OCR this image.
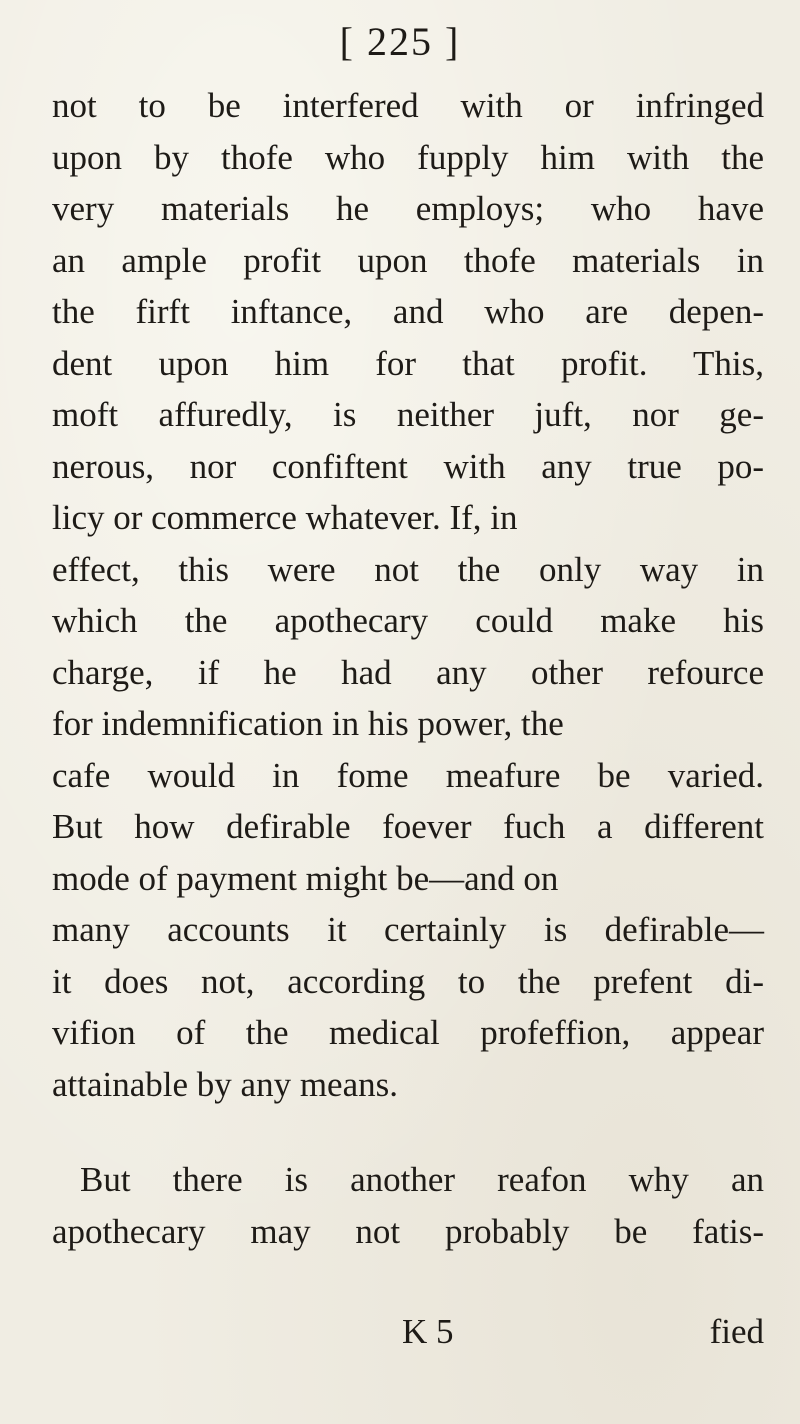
[ 225 ]
not to be interfered with or infringed
upon by thofe who fupply him with the
very materials he employs; who have
an ample profit upon thofe materials in
the firft inftance, and who are depen-
dent upon him for that profit. This,
moft affuredly, is neither juft, nor ge-
nerous, nor confiftent with any true po-
licy or commerce whatever. If, in
effect, this were not the only way in
which the apothecary could make his
charge, if he had any other refource
for indemnification in his power, the
cafe would in fome meafure be varied.
But how defirable foever fuch a different
mode of payment might be—and on
many accounts it certainly is defirable—
it does not, according to the prefent di-
vifion of the medical profeffion, appear
attainable by any means.
But there is another reafon why an
apothecary may not probably be fatis-
K 5	fied
